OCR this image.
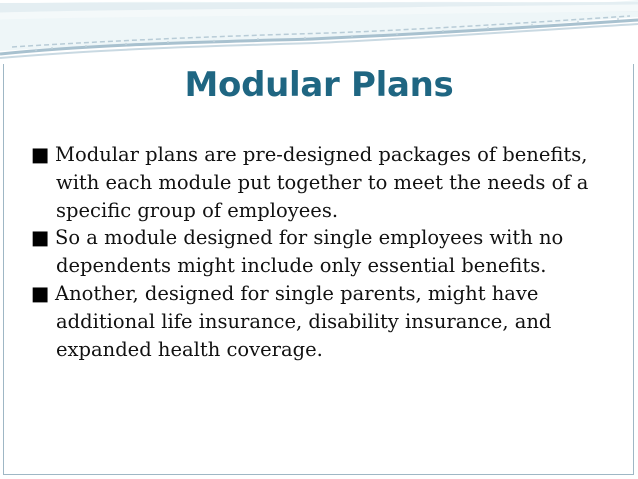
Modular Plans
■ Modular plans are pre-designed packages of benefits, with each module put together to meet the needs of a specific group of employees.
■ So a module designed for single employees with no dependents might include only essential benefits.
■ Another, designed for single parents, might have additional life insurance, disability insurance, and expanded health coverage.
